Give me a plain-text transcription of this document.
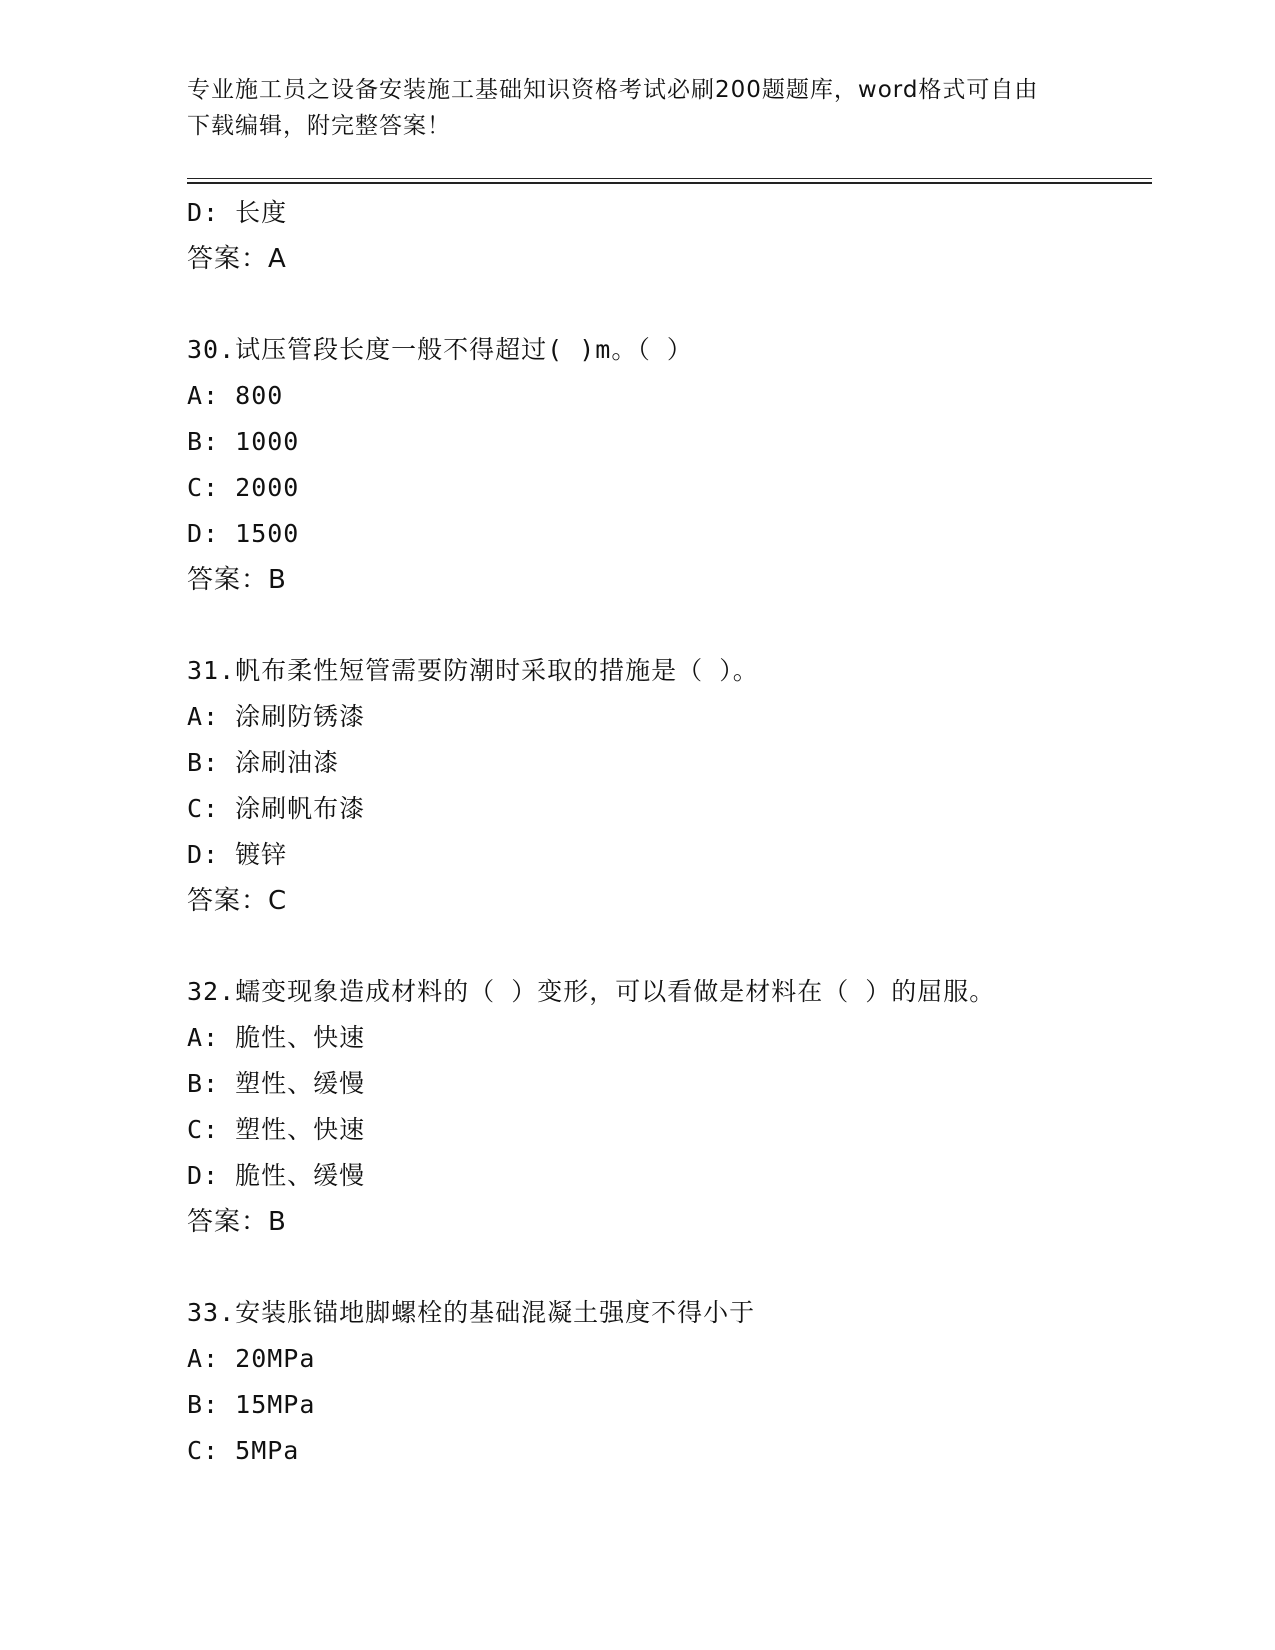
专业施工员之设备安装施工基础知识资格考试必刷200题题库，word格式可自由
下载编辑，附完整答案！
D: 长度
答案：A
30.试压管段长度一般不得超过( )m。（ ）
A: 800
B: 1000
C: 2000
D: 1500
答案：B
31.帆布柔性短管需要防潮时采取的措施是（ ）。
A: 涂刷防锈漆
B: 涂刷油漆
C: 涂刷帆布漆
D: 镀锌
答案：C
32.蠕变现象造成材料的（ ）变形，可以看做是材料在（ ）的屈服。
A: 脆性、快速
B: 塑性、缓慢
C: 塑性、快速
D: 脆性、缓慢
答案：B
33.安装胀锚地脚螺栓的基础混凝土强度不得小于
A: 20MPa
B: 15MPa
C: 5MPa
